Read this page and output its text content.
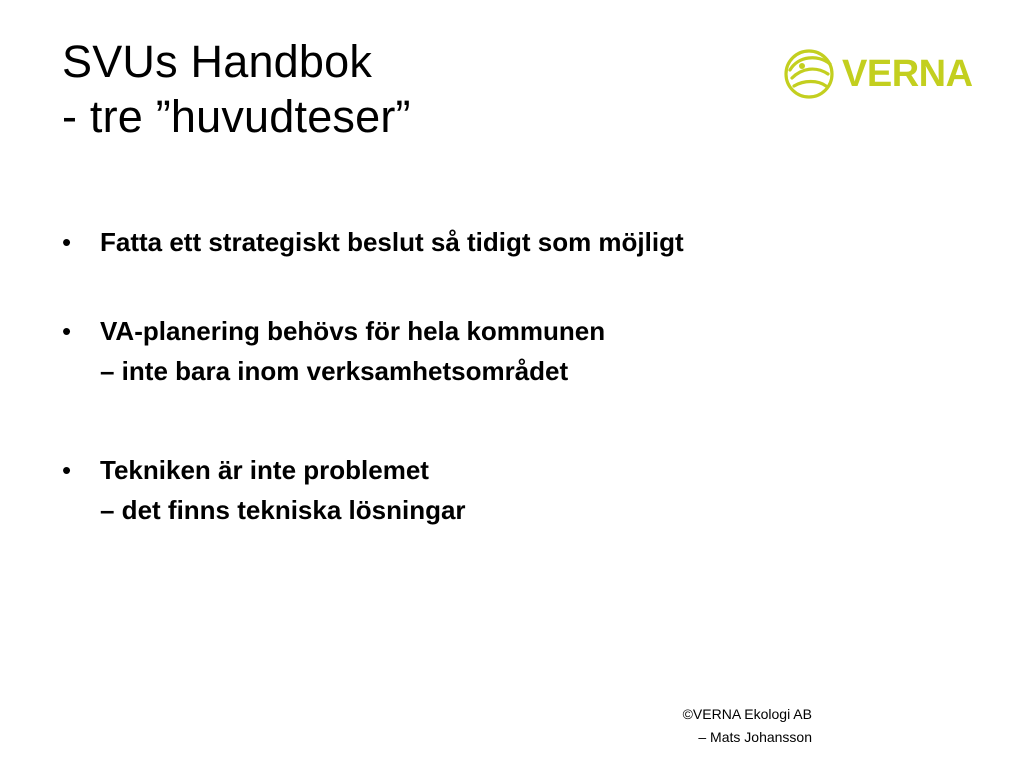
SVUs Handbok
- tre ”huvudteser”
VERNA
• Fatta ett strategiskt beslut så tidigt som möjligt
• VA-planering behövs för hela kommunen
– inte bara inom verksamhetsområdet
• Tekniken är inte problemet
– det finns tekniska lösningar
©VERNA Ekologi AB
– Mats Johansson
